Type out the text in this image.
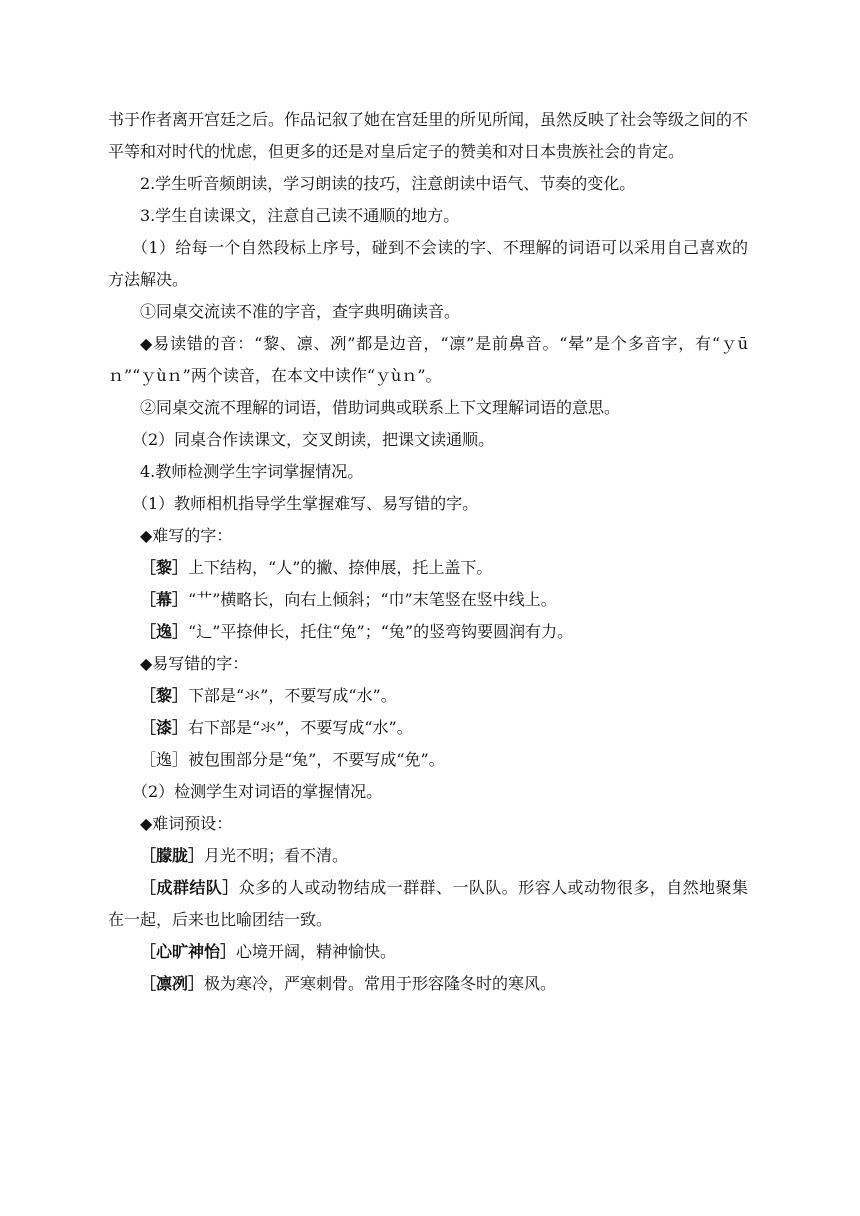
书于作者离开宫廷之后。作品记叙了她在宫廷里的所见所闻，虽然反映了社会等级之间的不平等和对时代的忧虑，但更多的还是对皇后定子的赞美和对日本贵族社会的肯定。

2.学生听音频朗读，学习朗读的技巧，注意朗读中语气、节奏的变化。

3.学生自读课文，注意自己读不通顺的地方。

（1）给每一个自然段标上序号，碰到不会读的字、不理解的词语可以采用自己喜欢的方法解决。

①同桌交流读不准的字音，查字典明确读音。

◆易读错的音：“黎、凛、冽”都是边音，“凛”是前鼻音。“晕”是个多音字，有“ｙūｎ”“ｙùｎ”两个读音，在本文中读作“ｙùｎ”。

②同桌交流不理解的词语，借助词典或联系上下文理解词语的意思。

（2）同桌合作读课文，交叉朗读，把课文读通顺。

4.教师检测学生字词掌握情况。

（1）教师相机指导学生掌握难写、易写错的字。

◆难写的字：

［黎］上下结构，“人”的撇、捺伸展，托上盖下。

［幕］“艹”横略长，向右上倾斜；“巾”末笔竖在竖中线上。

［逸］“辶”平捺伸长，托住“兔”；“兔”的竖弯钩要圆润有力。

◆易写错的字：

［黎］下部是“氺”，不要写成“水”。

［漆］右下部是“氺”，不要写成“水”。

［逸］被包围部分是“兔”，不要写成“免”。

（2）检测学生对词语的掌握情况。

◆难词预设：

［朦胧］月光不明；看不清。

［成群结队］众多的人或动物结成一群群、一队队。形容人或动物很多，自然地聚集在一起，后来也比喻团结一致。

［心旷神怡］心境开阔，精神愉快。

［凛冽］极为寒冷，严寒刺骨。常用于形容隆冬时的寒风。
